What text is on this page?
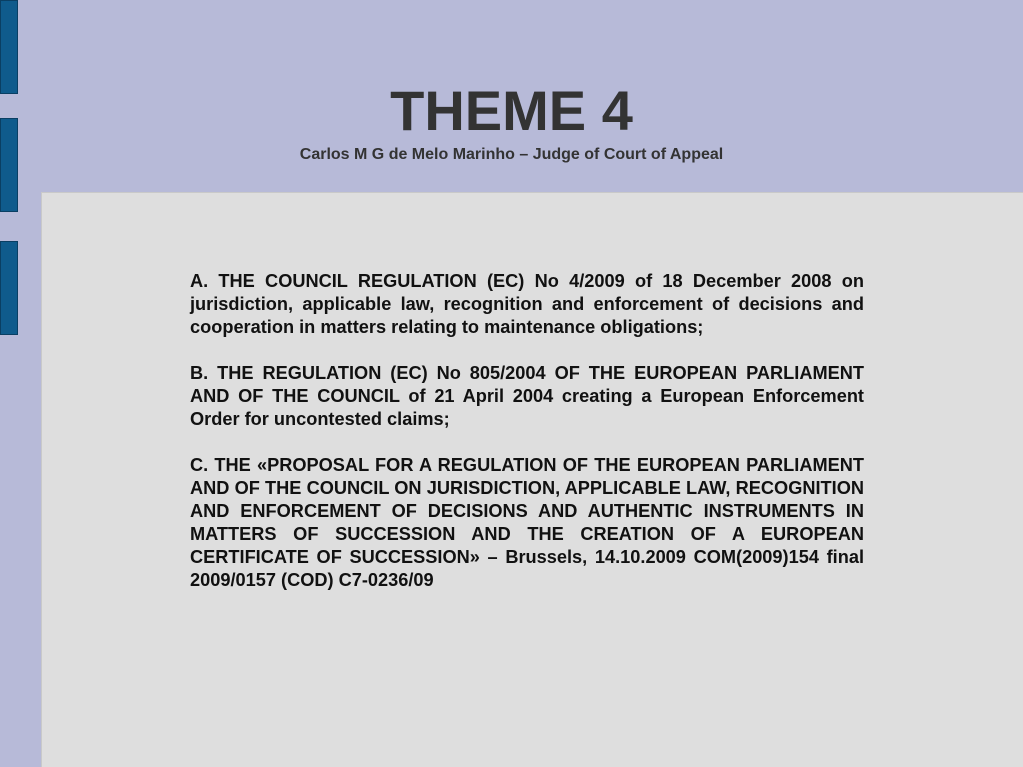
THEME 4
Carlos M G de Melo Marinho – Judge of Court of Appeal

A. THE COUNCIL REGULATION (EC) No 4/2009 of 18 December 2008 on jurisdiction, applicable law, recognition and enforcement of decisions and cooperation in matters relating to maintenance obligations;

B. THE REGULATION (EC) No 805/2004 OF THE EUROPEAN PARLIAMENT AND OF THE COUNCIL of 21 April 2004 creating a European Enforcement Order for uncontested claims;

C. THE «PROPOSAL FOR A REGULATION OF THE EUROPEAN PARLIAMENT AND OF THE COUNCIL ON JURISDICTION, APPLICABLE LAW, RECOGNITION AND ENFORCEMENT OF DECISIONS AND AUTHENTIC INSTRUMENTS IN MATTERS OF SUCCESSION AND THE CREATION OF A EUROPEAN CERTIFICATE OF SUCCESSION» – Brussels, 14.10.2009 COM(2009)154 final 2009/0157 (COD) C7-0236/09
